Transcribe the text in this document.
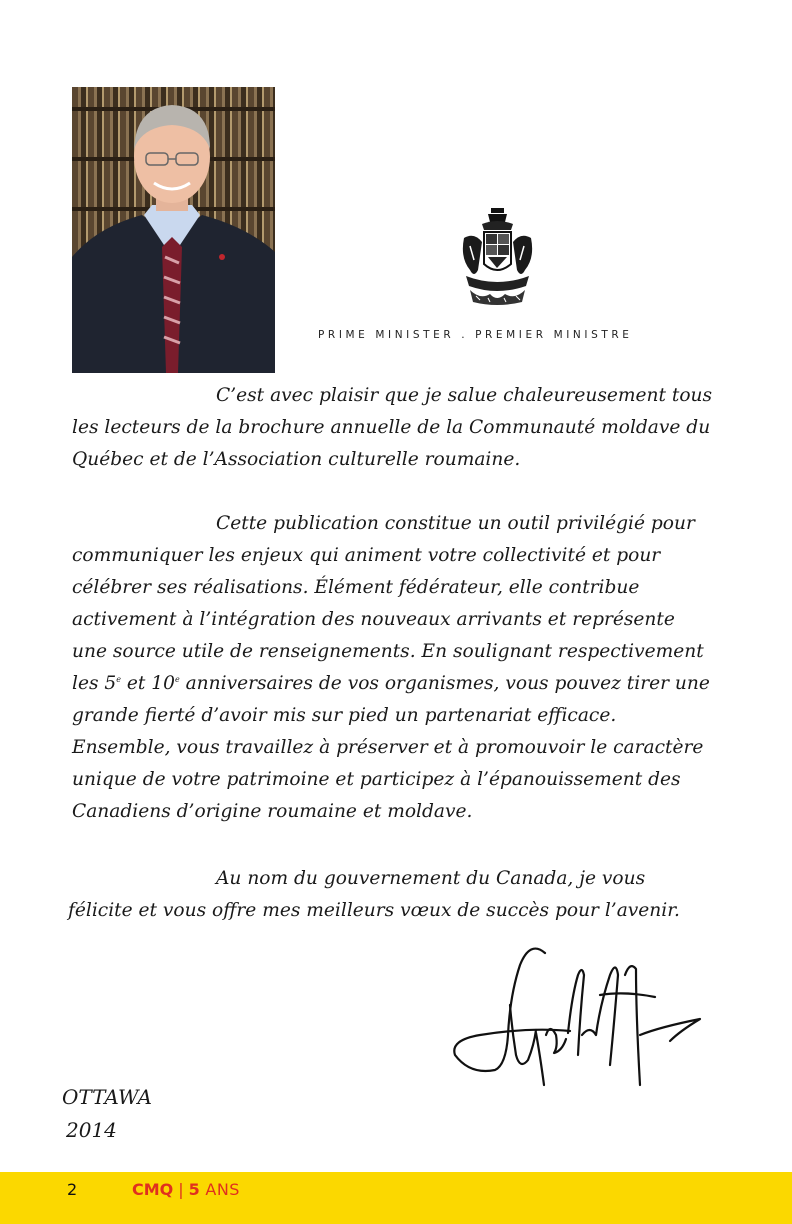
PRIME MINISTER . PREMIER MINISTRE
C’est avec plaisir que je salue chaleureusement tous
les lecteurs de la brochure annuelle de la Communauté moldave du
Québec et de l’Association culturelle roumaine.
Cette publication constitue un outil privilégié pour
communiquer les enjeux qui animent votre collectivité et pour
célébrer ses réalisations. Élément fédérateur, elle contribue
activement à l’intégration des nouveaux arrivants et représente
une source utile de renseignements. En soulignant respectivement
les 5e et 10e anniversaires de vos organismes, vous pouvez tirer une
grande fierté d’avoir mis sur pied un partenariat efficace.
Ensemble, vous travaillez à préserver et à promouvoir le caractère
unique de votre patrimoine et participez à l’épanouissement des
Canadiens d’origine roumaine et moldave.
Au nom du gouvernement du Canada, je vous
félicite et vous offre mes meilleurs vœux de succès pour l’avenir.
OTTAWA
2014
2	CMQ | 5 ANS
